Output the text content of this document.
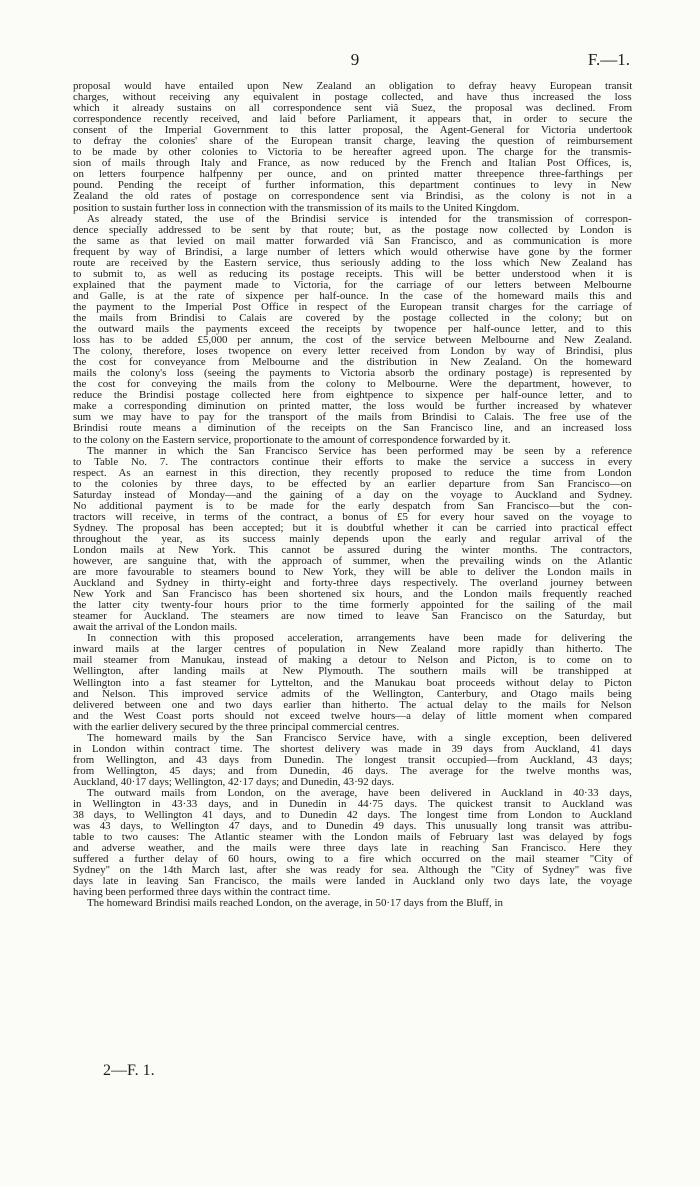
9	F.—1.
proposal would have entailed upon New Zealand an obligation to defray heavy European transit
charges, without receiving any equivalent in postage collected, and have thus increased the loss
which it already sustains on all correspondence sent viâ Suez, the proposal was declined. From
correspondence recently received, and laid before Parliament, it appears that, in order to secure the
consent of the Imperial Government to this latter proposal, the Agent-General for Victoria undertook
to defray the colonies' share of the European transit charge, leaving the question of reimbursement
to be made by other colonies to Victoria to be hereafter agreed upon. The charge for the transmis-
sion of mails through Italy and France, as now reduced by the French and Italian Post Offices, is,
on letters fourpence halfpenny per ounce, and on printed matter threepence three-farthings per
pound. Pending the receipt of further information, this department continues to levy in New
Zealand the old rates of postage on correspondence sent via Brindisi, as the colony is not in a
position to sustain further loss in connection with the transmission of its mails to the United Kingdom.
As already stated, the use of the Brindisi service is intended for the transmission of correspon-
dence specially addressed to be sent by that route; but, as the postage now collected by London is
the same as that levied on mail matter forwarded viâ San Francisco, and as communication is more
frequent by way of Brindisi, a large number of letters which would otherwise have gone by the former
route are received by the Eastern service, thus seriously adding to the loss which New Zealand has
to submit to, as well as reducing its postage receipts. This will be better understood when it is
explained that the payment made to Victoria, for the carriage of our letters between Melbourne
and Galle, is at the rate of sixpence per half-ounce. In the case of the homeward mails this and
the payment to the Imperial Post Office in respect of the European transit charges for the carriage of
the mails from Brindisi to Calais are covered by the postage collected in the colony; but on
the outward mails the payments exceed the receipts by twopence per half-ounce letter, and to this
loss has to be added £5,000 per annum, the cost of the service between Melbourne and New Zealand.
The colony, therefore, loses twopence on every letter received from London by way of Brindisi, plus
the cost for conveyance from Melbourne and the distribution in New Zealand. On the homeward
mails the colony's loss (seeing the payments to Victoria absorb the ordinary postage) is represented by
the cost for conveying the mails from the colony to Melbourne. Were the department, however, to
reduce the Brindisi postage collected here from eightpence to sixpence per half-ounce letter, and to
make a corresponding diminution on printed matter, the loss would be further increased by whatever
sum we may have to pay for the transport of the mails from Brindisi to Calais. The free use of the
Brindisi route means a diminution of the receipts on the San Francisco line, and an increased loss
to the colony on the Eastern service, proportionate to the amount of correspondence forwarded by it.
The manner in which the San Francisco Service has been performed may be seen by a reference
to Table No. 7. The contractors continue their efforts to make the service a success in every
respect. As an earnest in this direction, they recently proposed to reduce the time from London
to the colonies by three days, to be effected by an earlier departure from San Francisco—on
Saturday instead of Monday—and the gaining of a day on the voyage to Auckland and Sydney.
No additional payment is to be made for the early despatch from San Francisco—but the con-
tractors will receive, in terms of the contract, a bonus of £5 for every hour saved on the voyage to
Sydney. The proposal has been accepted; but it is doubtful whether it can be carried into practical effect
throughout the year, as its success mainly depends upon the early and regular arrival of the
London mails at New York. This cannot be assured during the winter months. The contractors,
however, are sanguine that, with the approach of summer, when the prevailing winds on the Atlantic
are more favourable to steamers bound to New York, they will be able to deliver the London mails in
Auckland and Sydney in thirty-eight and forty-three days respectively. The overland journey between
New York and San Francisco has been shortened six hours, and the London mails frequently reached
the latter city twenty-four hours prior to the time formerly appointed for the sailing of the mail
steamer for Auckland. The steamers are now timed to leave San Francisco on the Saturday, but
await the arrival of the London mails.
In connection with this proposed acceleration, arrangements have been made for delivering the
inward mails at the larger centres of population in New Zealand more rapidly than hitherto. The
mail steamer from Manukau, instead of making a detour to Nelson and Picton, is to come on to
Wellington, after landing mails at New Plymouth. The southern mails will be transhipped at
Wellington into a fast steamer for Lyttelton, and the Manukau boat proceeds without delay to Picton
and Nelson. This improved service admits of the Wellington, Canterbury, and Otago mails being
delivered between one and two days earlier than hitherto. The actual delay to the mails for Nelson
and the West Coast ports should not exceed twelve hours—a delay of little moment when compared
with the earlier delivery secured by the three principal commercial centres.
The homeward mails by the San Francisco Service have, with a single exception, been delivered
in London within contract time. The shortest delivery was made in 39 days from Auckland, 41 days
from Wellington, and 43 days from Dunedin. The longest transit occupied—from Auckland, 43 days;
from Wellington, 45 days; and from Dunedin, 46 days. The average for the twelve months was,
Auckland, 40·17 days; Wellington, 42·17 days; and Dunedin, 43·92 days.
The outward mails from London, on the average, have been delivered in Auckland in 40·33 days,
in Wellington in 43·33 days, and in Dunedin in 44·75 days. The quickest transit to Auckland was
38 days, to Wellington 41 days, and to Dunedin 42 days. The longest time from London to Auckland
was 43 days, to Wellington 47 days, and to Dunedin 49 days. This unusually long transit was attribu-
table to two causes: The Atlantic steamer with the London mails of February last was delayed by fogs
and adverse weather, and the mails were three days late in reaching San Francisco. Here they
suffered a further delay of 60 hours, owing to a fire which occurred on the mail steamer "City of
Sydney" on the 14th March last, after she was ready for sea. Although the "City of Sydney" was five
days late in leaving San Francisco, the mails were landed in Auckland only two days late, the voyage
having been performed three days within the contract time.
The homeward Brindisi mails reached London, on the average, in 50·17 days from the Bluff, in
2—F. 1.
